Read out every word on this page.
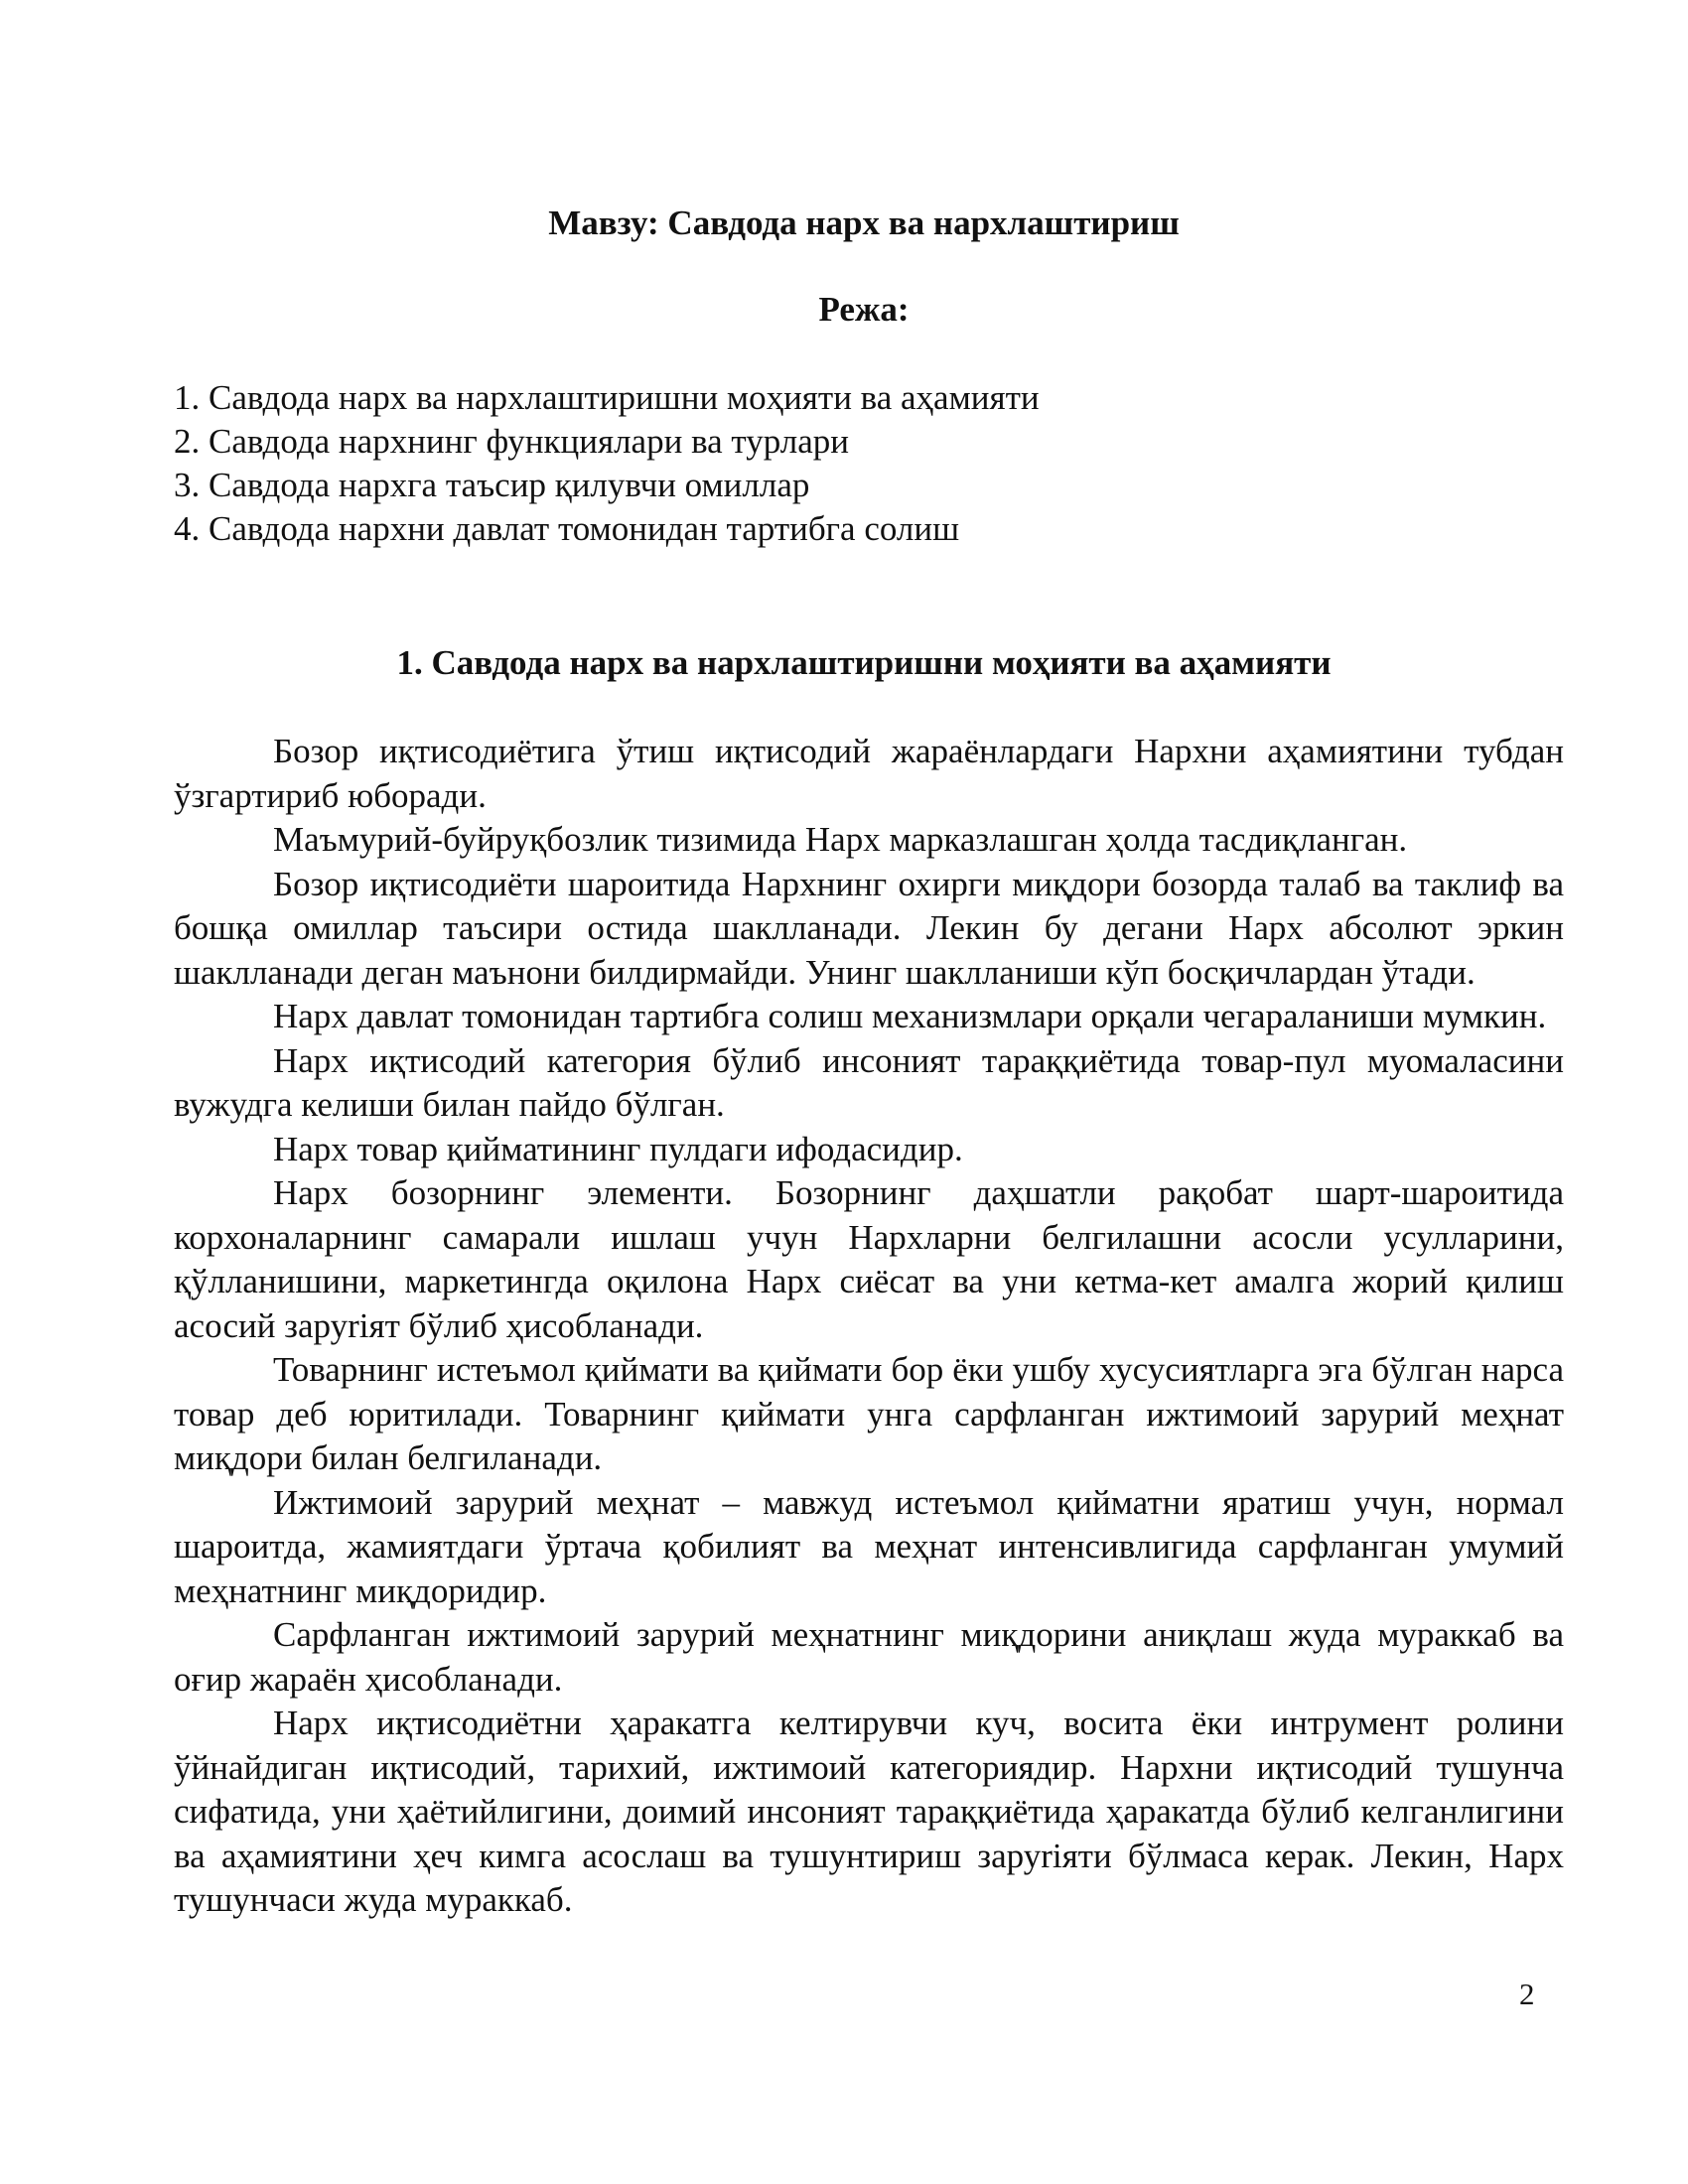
Мавзу: Савдода нарх ва нархлаштириш
Режа:
1. Савдода нарх ва нархлаштиришни моҳияти ва аҳамияти
2. Савдода нархнинг функциялари ва турлари
3. Савдода нархга таъсир қилувчи омиллар
4. Савдода нархни давлат томонидан тартибга солиш
1. Савдода нарх ва нархлаштиришни моҳияти ва аҳамияти

Бозор иқтисодиётига ўтиш иқтисодий жараёнлардаги Нархни аҳамиятини тубдан ўзгартириб юборади.

Маъмурий-буйруқбозлик тизимида Нарх марказлашган ҳолда тасдиқланган.

Бозор иқтисодиёти шароитида Нархнинг охирги миқдори бозорда талаб ва таклиф ва бошқа омиллар таъсири остида шаклланади. Лекин бу дегани Нарх абсолют эркин шаклланади деган маънони билдирмайди. Унинг шаклланиши кўп босқичлардан ўтади.

Нарх давлат томонидан тартибга солиш механизмлари орқали чегараланиши мумкин.

Нарх иқтисодий категория бўлиб инсоният тараққиётида товар-пул муомаласини вужудга келиши билан пайдо бўлган.

Нарх товар қийматининг пулдаги ифодасидир.

Нарх бозорнинг элементи. Бозорнинг даҳшатли рақобат шарт-шароитида корхоналарнинг самарали ишлаш учун Нархларни белгилашни асосли усулларини, қўлланишини, маркетингда оқилона Нарх сиёсат ва уни кетма-кет амалга жорий қилиш асосий заруriят бўлиб ҳисобланади.

Товарнинг истеъмол қиймати ва қиймати бор ёки ушбу хусусиятларга эга бўлган нарса товар деб юритилади. Товарнинг қиймати унга сарфланган ижтимоий зарурий меҳнат миқдори билан белгиланади.

Ижтимоий зарурий меҳнат – мавжуд истеъмол қийматни яратиш учун, нормал шароитда, жамиятдаги ўртача қобилият ва меҳнат интенсивлигида сарфланган умумий меҳнатнинг миқдоридир.

Сарфланган ижтимоий зарурий меҳнатнинг миқдорини аниқлаш жуда мураккаб ва оғир жараён ҳисобланади.

Нарх иқтисодиётни ҳаракатга келтирувчи куч, восита ёки интрумент ролини ўйнайдиган иқтисодий, тарихий, ижтимоий категориядир. Нархни иқтисодий тушунча сифатида, уни ҳаётийлигини, доимий инсоният тараққиётида ҳаракатда бўлиб келганлигини ва аҳамиятини ҳеч кимга асослаш ва тушунтириш заруriяти бўлмаса керак. Лекин, Нарх тушунчаси жуда мураккаб.

2
